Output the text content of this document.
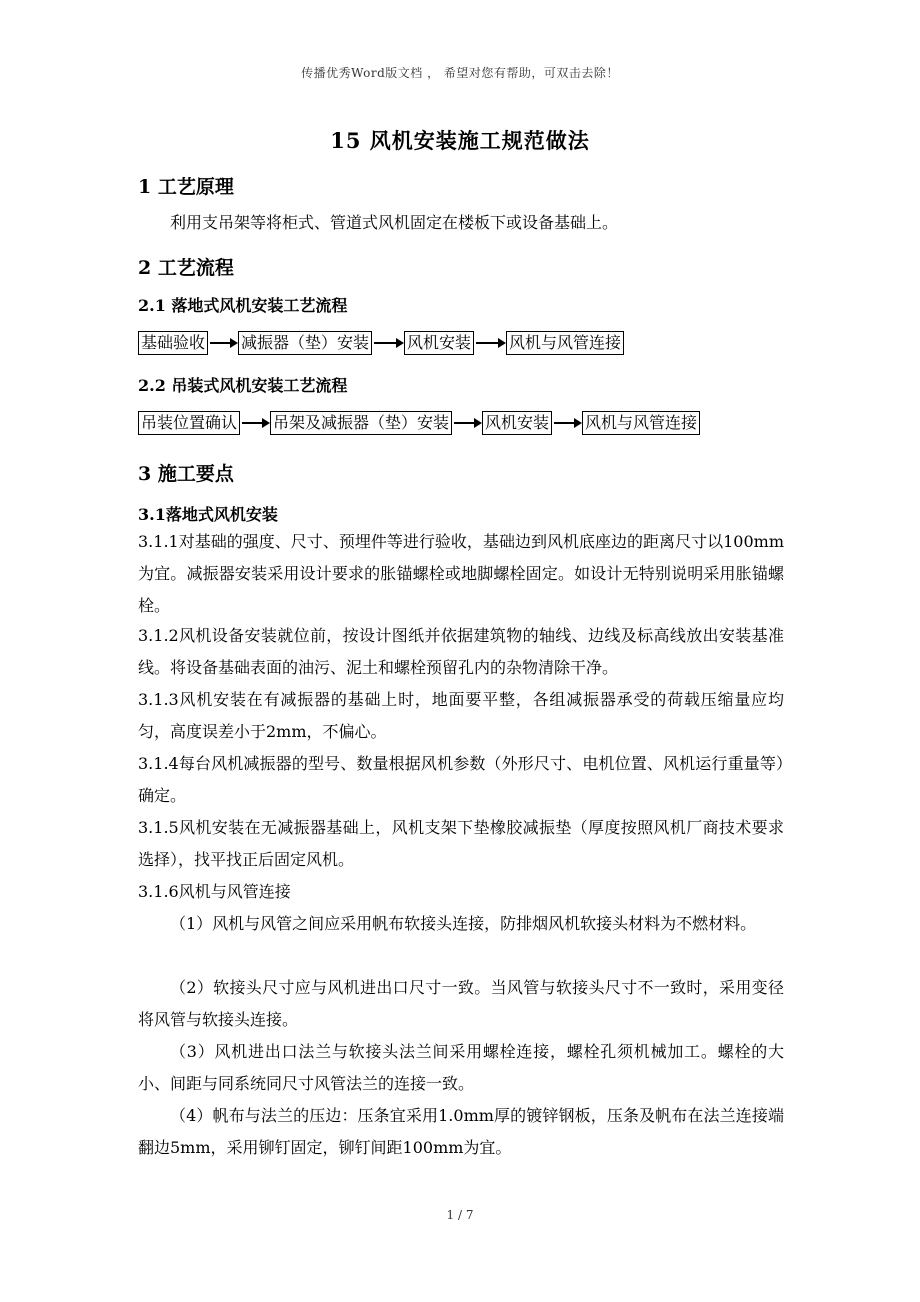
传播优秀Word版文档 ， 希望对您有帮助，可双击去除！
15 风机安装施工规范做法
1 工艺原理
利用支吊架等将柜式、管道式风机固定在楼板下或设备基础上。
2 工艺流程
2.1 落地式风机安装工艺流程
基础验收 减振器（垫）安装 风机安装 风机与风管连接
2.2 吊装式风机安装工艺流程
吊装位置确认 吊架及减振器（垫）安装 风机安装 风机与风管连接
3 施工要点
3.1落地式风机安装
3.1.1对基础的强度、尺寸、预埋件等进行验收，基础边到风机底座边的距离尺寸以100mm为宜。减振器安装采用设计要求的胀锚螺栓或地脚螺栓固定。如设计无特别说明采用胀锚螺栓。
3.1.2风机设备安装就位前，按设计图纸并依据建筑物的轴线、边线及标高线放出安装基准线。将设备基础表面的油污、泥土和螺栓预留孔内的杂物清除干净。
3.1.3风机安装在有减振器的基础上时，地面要平整，各组减振器承受的荷载压缩量应均匀，高度误差小于2mm，不偏心。
3.1.4每台风机减振器的型号、数量根据风机参数（外形尺寸、电机位置、风机运行重量等）确定。
3.1.5风机安装在无减振器基础上，风机支架下垫橡胶减振垫（厚度按照风机厂商技术要求选择），找平找正后固定风机。
3.1.6风机与风管连接
（1）风机与风管之间应采用帆布软接头连接，防排烟风机软接头材料为不燃材料。
（2）软接头尺寸应与风机进出口尺寸一致。当风管与软接头尺寸不一致时，采用变径将风管与软接头连接。
（3）风机进出口法兰与软接头法兰间采用螺栓连接，螺栓孔须机械加工。螺栓的大小、间距与同系统同尺寸风管法兰的连接一致。
（4）帆布与法兰的压边：压条宜采用1.0mm厚的镀锌钢板，压条及帆布在法兰连接端翻边5mm，采用铆钉固定，铆钉间距100mm为宜。
1 / 7
